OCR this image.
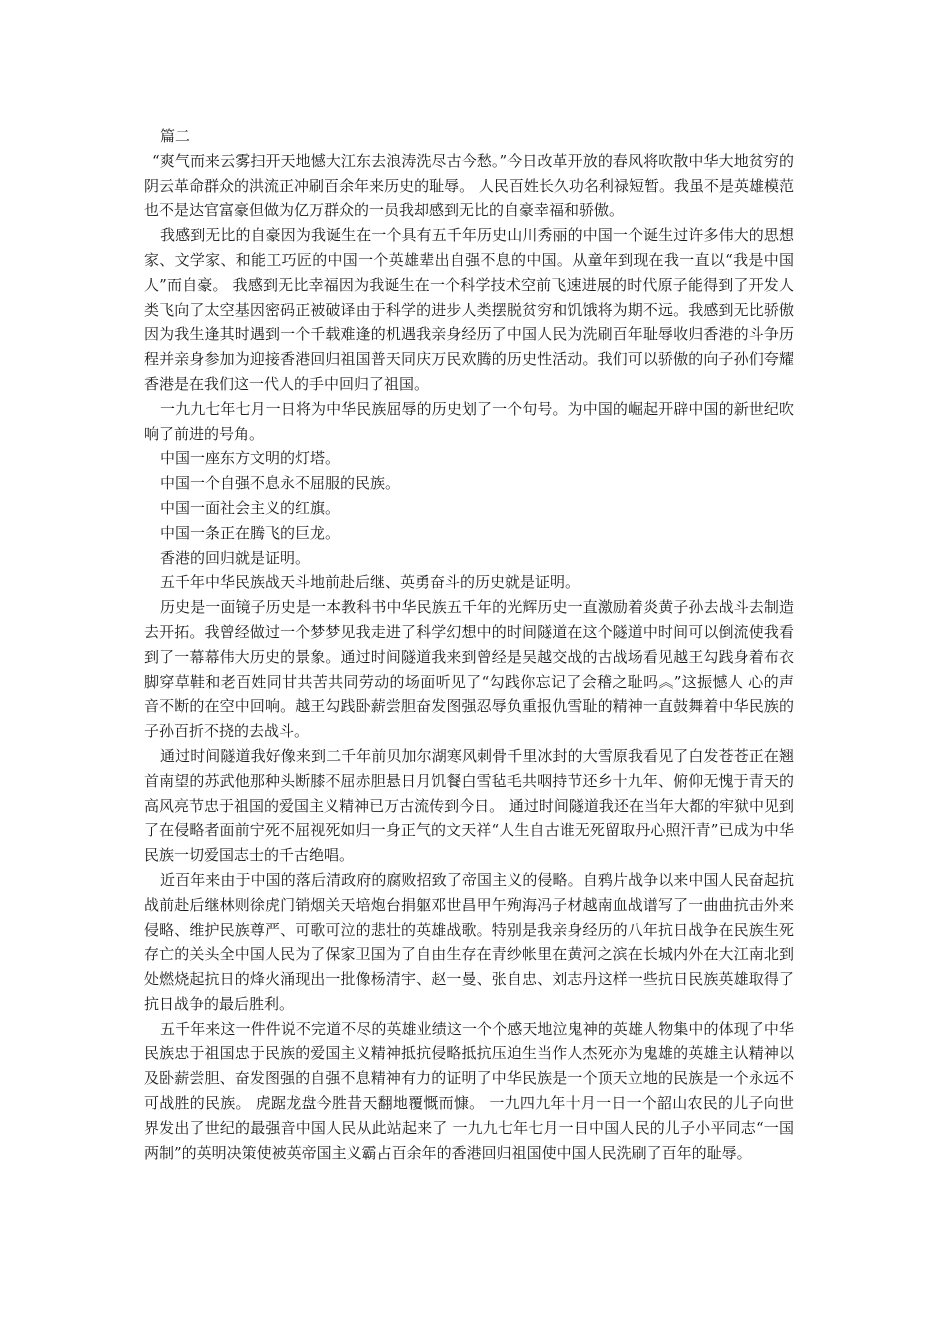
篇二

“爽气而来云雾扫开天地憾大江东去浪涛洗尽古今愁。”今日改革开放的春风将吹散中华大地贫穷的阴云革命群众的洪流正冲刷百余年来历史的耻辱。 人民百姓长久功名利禄短暂。我虽不是英雄模范也不是达官富豪但做为亿万群众的一员我却感到无比的自豪幸福和骄傲。

我感到无比的自豪因为我诞生在一个具有五千年历史山川秀丽的中国一个诞生过许多伟大的思想家、文学家、和能工巧匠的中国一个英雄辈出自强不息的中国。从童年到现在我一直以“我是中国人”而自豪。 我感到无比幸福因为我诞生在一个科学技术空前飞速进展的时代原子能得到了开发人类飞向了太空基因密码正被破译由于科学的进步人类摆脱贫穷和饥饿将为期不远。我感到无比骄傲因为我生逢其时遇到一个千载难逢的机遇我亲身经历了中国人民为洗刷百年耻辱收归香港的斗争历程并亲身参加为迎接香港回归祖国普天同庆万民欢腾的历史性活动。我们可以骄傲的向子孙们夸耀香港是在我们这一代人的手中回归了祖国。

一九九七年七月一日将为中华民族屈辱的历史划了一个句号。为中国的崛起开辟中国的新世纪吹响了前进的号角。

中国一座东方文明的灯塔。

中国一个自强不息永不屈服的民族。

中国一面社会主义的红旗。

中国一条正在腾飞的巨龙。

香港的回归就是证明。

五千年中华民族战天斗地前赴后继、英勇奋斗的历史就是证明。

历史是一面镜子历史是一本教科书中华民族五千年的光辉历史一直激励着炎黄子孙去战斗去制造去开拓。我曾经做过一个梦梦见我走进了科学幻想中的时间隧道在这个隧道中时间可以倒流使我看到了一幕幕伟大历史的景象。通过时间隧道我来到曾经是吴越交战的古战场看见越王勾践身着布衣脚穿草鞋和老百姓同甘共苦共同劳动的场面听见了“勾践你忘记了会稽之耻吗︽”这振憾人 心的声音不断的在空中回响。越王勾践卧薪尝胆奋发图强忍辱负重报仇雪耻的精神一直鼓舞着中华民族的子孙百折不挠的去战斗。

通过时间隧道我好像来到二千年前贝加尔湖寒风刺骨千里冰封的大雪原我看见了白发苍苍正在翘首南望的苏武他那种头断膝不屈赤胆悬日月饥餐白雪毡毛共咽持节还乡十九年、俯仰无愧于青天的高风亮节忠于祖国的爱国主义精神已万古流传到今日。 通过时间隧道我还在当年大都的牢狱中见到了在侵略者面前宁死不屈视死如归一身正气的文天祥“人生自古谁无死留取丹心照汗青”已成为中华民族一切爱国志士的千古绝唱。

近百年来由于中国的落后清政府的腐败招致了帝国主义的侵略。自鸦片战争以来中国人民奋起抗战前赴后继林则徐虎门销烟关天培炮台捐躯邓世昌甲午殉海冯子材越南血战谱写了一曲曲抗击外来侵略、维护民族尊严、可歌可泣的悲壮的英雄战歌。特别是我亲身经历的八年抗日战争在民族生死存亡的关头全中国人民为了保家卫国为了自由生存在青纱帐里在黄河之滨在长城内外在大江南北到处燃烧起抗日的烽火涌现出一批像杨清宇、赵一曼、张自忠、刘志丹这样一些抗日民族英雄取得了抗日战争的最后胜利。

五千年来这一件件说不完道不尽的英雄业绩这一个个感天地泣鬼神的英雄人物集中的体现了中华民族忠于祖国忠于民族的爱国主义精神抵抗侵略抵抗压迫生当作人杰死亦为鬼雄的英雄主认精神以及卧薪尝胆、奋发图强的自强不息精神有力的证明了中华民族是一个顶天立地的民族是一个永远不可战胜的民族。 虎踞龙盘今胜昔天翻地覆慨而慷。 一九四九年十月一日一个韶山农民的儿子向世界发出了世纪的最强音中国人民从此站起来了 一九九七年七月一日中国人民的儿子小平同志“一国两制”的英明决策使被英帝国主义霸占百余年的香港回归祖国使中国人民洗刷了百年的耻辱。
